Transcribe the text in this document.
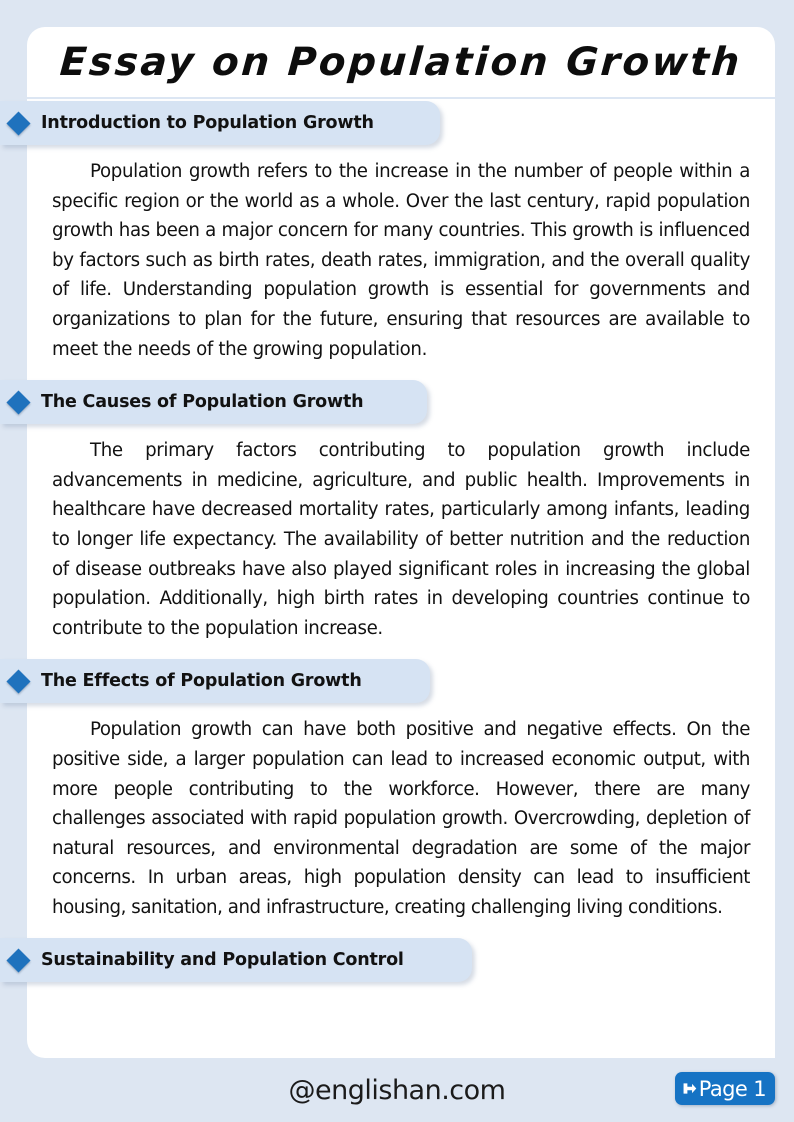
Essay on Population Growth
Introduction to Population Growth

Population growth refers to the increase in the number of people within a specific region or the world as a whole. Over the last century, rapid population growth has been a major concern for many countries. This growth is influenced by factors such as birth rates, death rates, immigration, and the overall quality of life. Understanding population growth is essential for governments and organizations to plan for the future, ensuring that resources are available to meet the needs of the growing population.

The Causes of Population Growth

The primary factors contributing to population growth include advancements in medicine, agriculture, and public health. Improvements in healthcare have decreased mortality rates, particularly among infants, leading to longer life expectancy. The availability of better nutrition and the reduction of disease outbreaks have also played significant roles in increasing the global population. Additionally, high birth rates in developing countries continue to contribute to the population increase.

The Effects of Population Growth

Population growth can have both positive and negative effects. On the positive side, a larger population can lead to increased economic output, with more people contributing to the workforce. However, there are many challenges associated with rapid population growth. Overcrowding, depletion of natural resources, and environmental degradation are some of the major concerns. In urban areas, high population density can lead to insufficient housing, sanitation, and infrastructure, creating challenging living conditions.

Sustainability and Population Control
@englishan.com	Page 1
